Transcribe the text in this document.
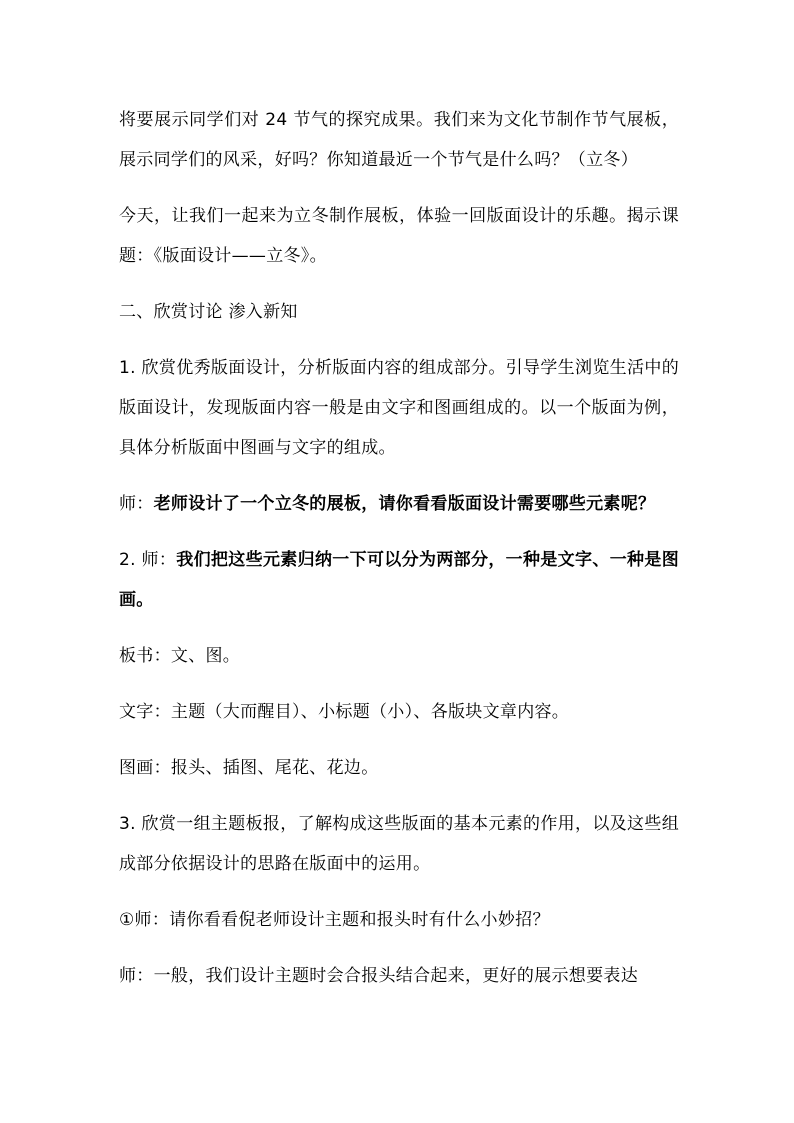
将要展示同学们对 24 节气的探究成果。我们来为文化节制作节气展板，展示同学们的风采，好吗？你知道最近一个节气是什么吗？（立冬）

今天，让我们一起来为立冬制作展板，体验一回版面设计的乐趣。揭示课题：《版面设计——立冬》。

二、欣赏讨论 渗入新知

1. 欣赏优秀版面设计，分析版面内容的组成部分。引导学生浏览生活中的版面设计，发现版面内容一般是由文字和图画组成的。以一个版面为例，具体分析版面中图画与文字的组成。

师：老师设计了一个立冬的展板，请你看看版面设计需要哪些元素呢？

2. 师：我们把这些元素归纳一下可以分为两部分，一种是文字、一种是图画。

板书：文、图。

文字：主题（大而醒目）、小标题（小）、各版块文章内容。

图画：报头、插图、尾花、花边。

3. 欣赏一组主题板报，了解构成这些版面的基本元素的作用，以及这些组成部分依据设计的思路在版面中的运用。

①师：请你看看倪老师设计主题和报头时有什么小妙招？

师：一般，我们设计主题时会合报头结合起来，更好的展示想要表达
